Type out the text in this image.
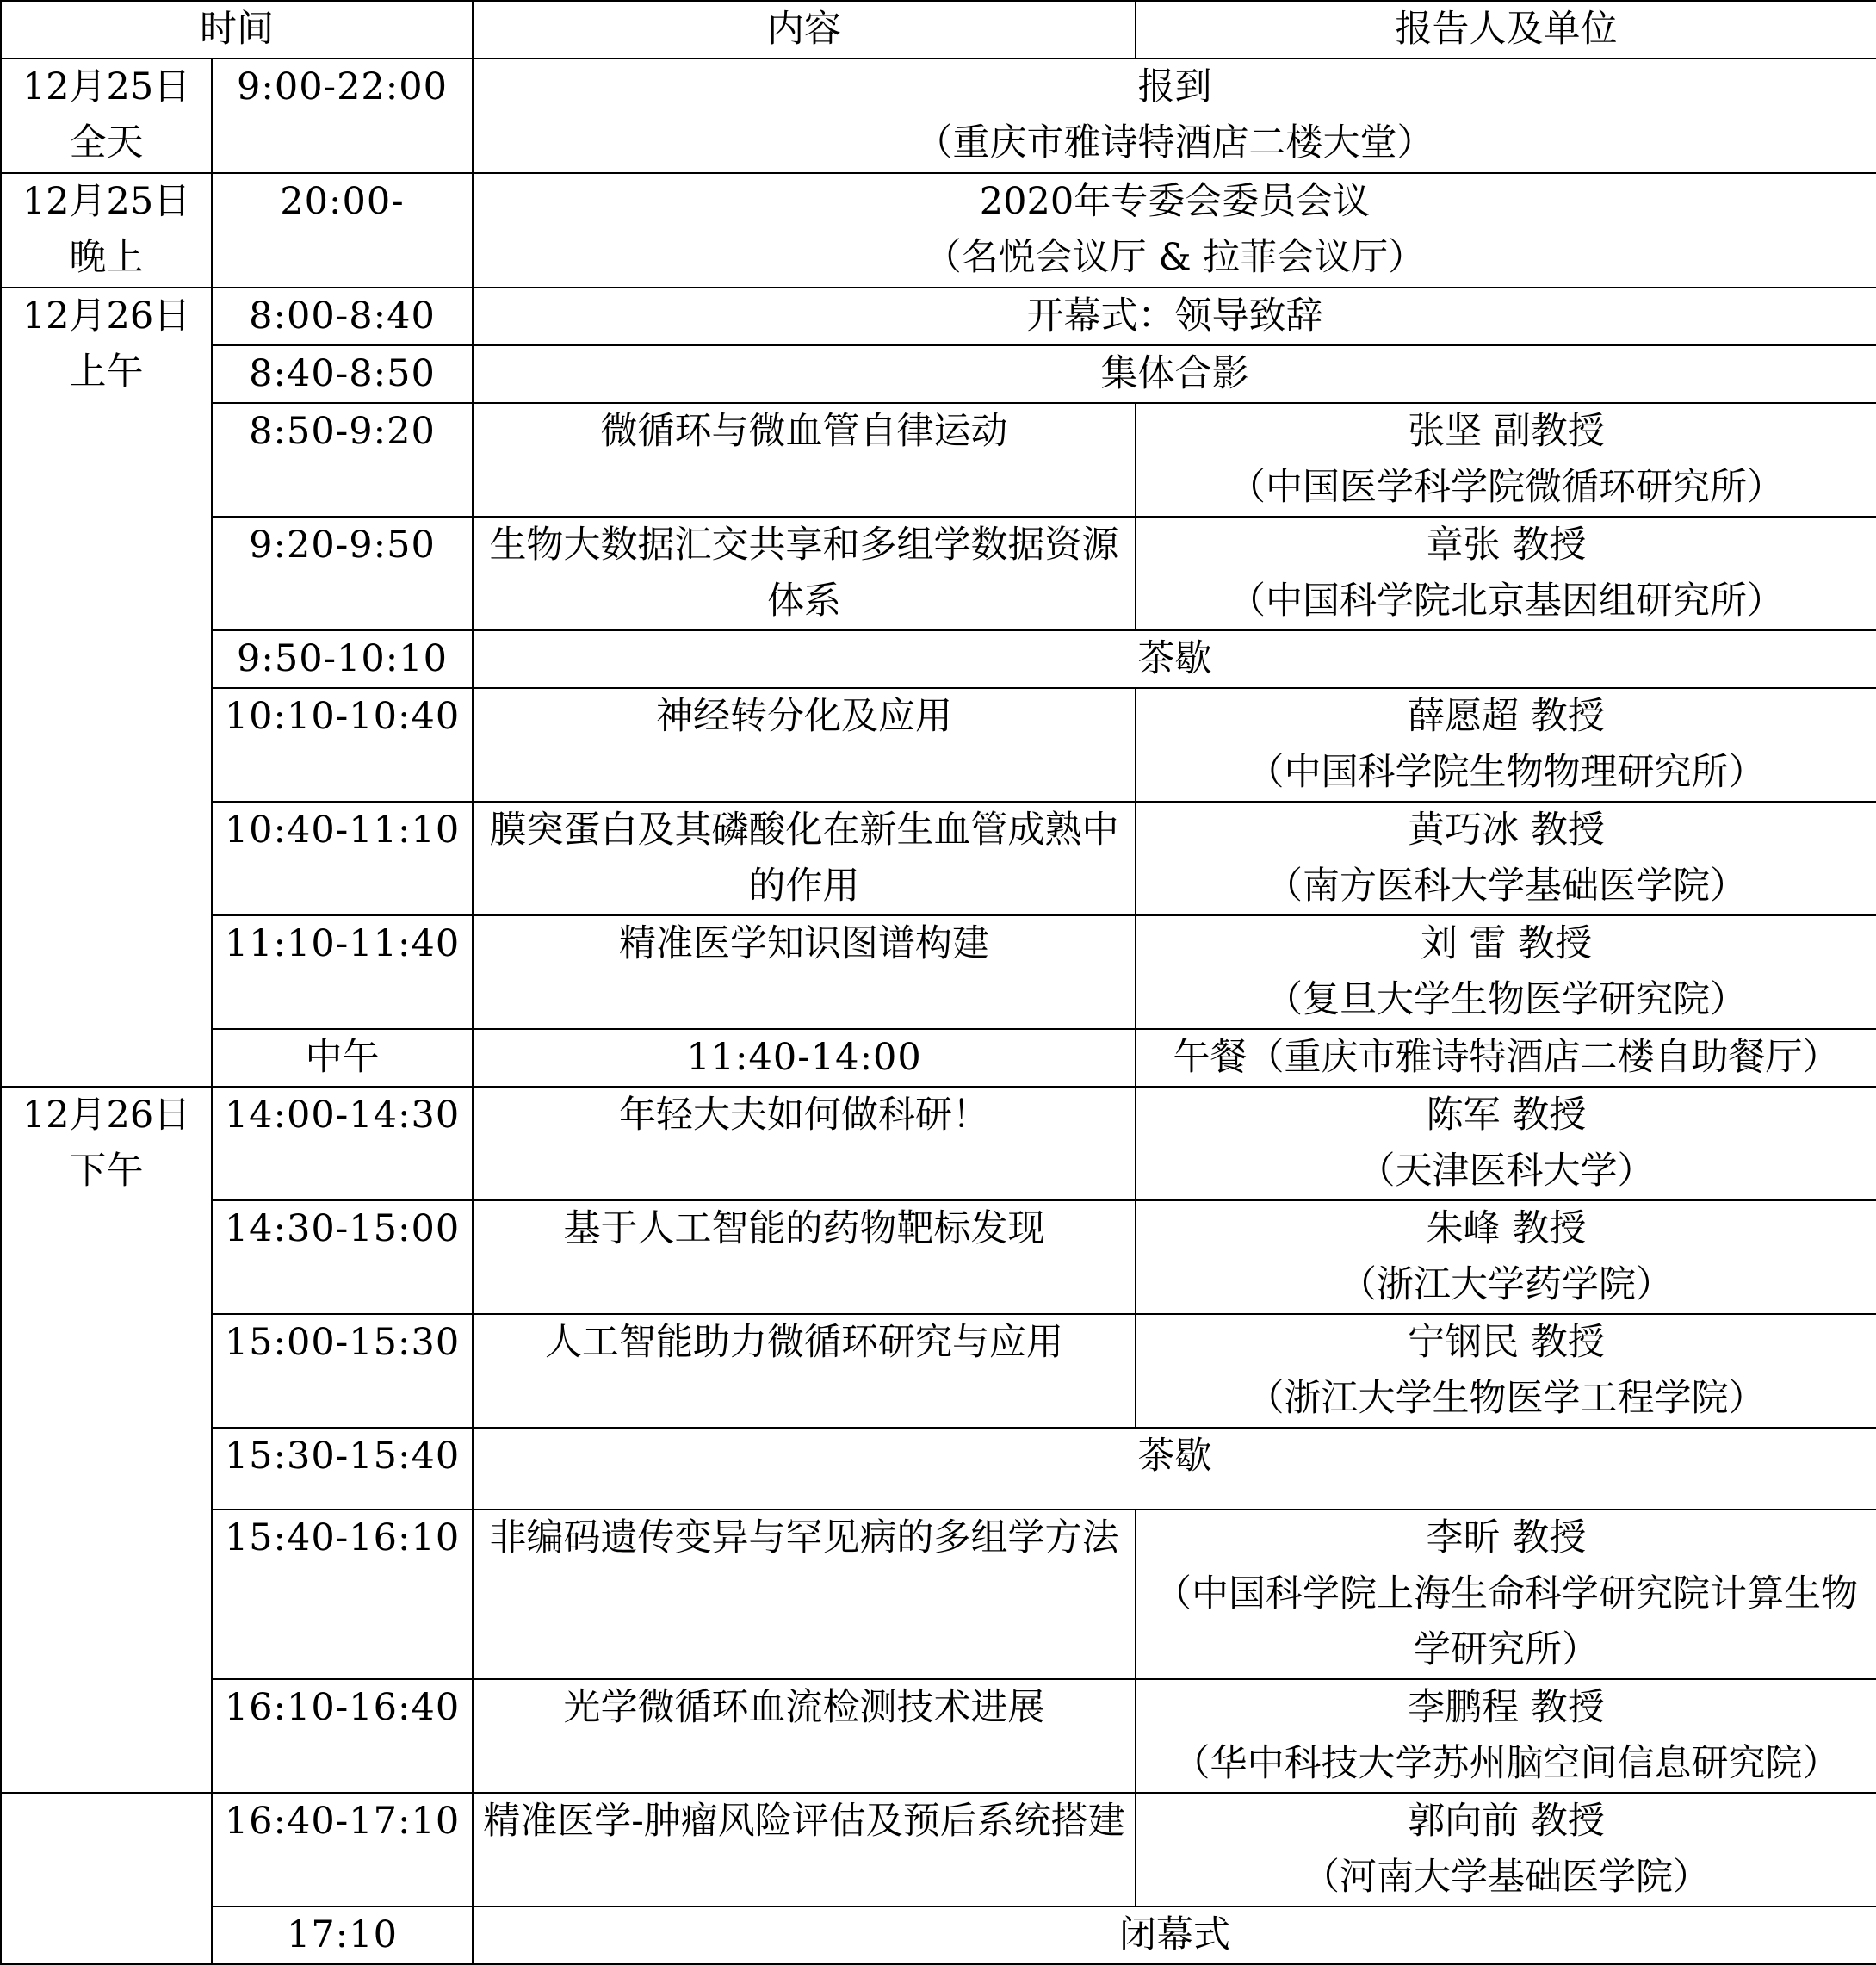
时间		内容	报告人及单位

12月25日
全天	9:00-22:00	报到
（重庆市雅诗特酒店二楼大堂）	

12月25日
晚上	20:00-	2020年专委会委员会议
（名悦会议厅 & 拉菲会议厅）	

12月26日
上午	8:00-8:40	开幕式：领导致辞	
	8:40-8:50	集体合影	
	8:50-9:20	微循环与微血管自律运动	张坚 副教授
（中国医学科学院微循环研究所）

	9:20-9:50	生物大数据汇交共享和多组学数据资源体系	章张 教授
（中国科学院北京基因组研究所）

	9:50-10:10	茶歇	
	10:10-10:40	神经转分化及应用	薛愿超 教授
（中国科学院生物物理研究所）

	10:40-11:10	膜突蛋白及其磷酸化在新生血管成熟中的作用	黄巧冰 教授
（南方医科大学基础医学院）

	11:10-11:40	精准医学知识图谱构建	刘 雷 教授
（复旦大学生物医学研究院）

	中午	11:40-14:00	午餐（重庆市雅诗特酒店二楼自助餐厅）

12月26日
下午	14:00-14:30	年轻大夫如何做科研！	陈军 教授
（天津医科大学）

	14:30-15:00	基于人工智能的药物靶标发现	朱峰 教授
（浙江大学药学院）

	15:00-15:30	人工智能助力微循环研究与应用	宁钢民 教授
（浙江大学生物医学工程学院）

	15:30-15:40	茶歇	
	15:40-16:10	非编码遗传变异与罕见病的多组学方法	李昕 教授
（中国科学院上海生命科学研究院计算生物学研究所）

	16:10-16:40	光学微循环血流检测技术进展	李鹏程 教授
（华中科技大学苏州脑空间信息研究院）

	16:40-17:10	精准医学-肿瘤风险评估及预后系统搭建	郭向前 教授
（河南大学基础医学院）

	17:10	闭幕式	
